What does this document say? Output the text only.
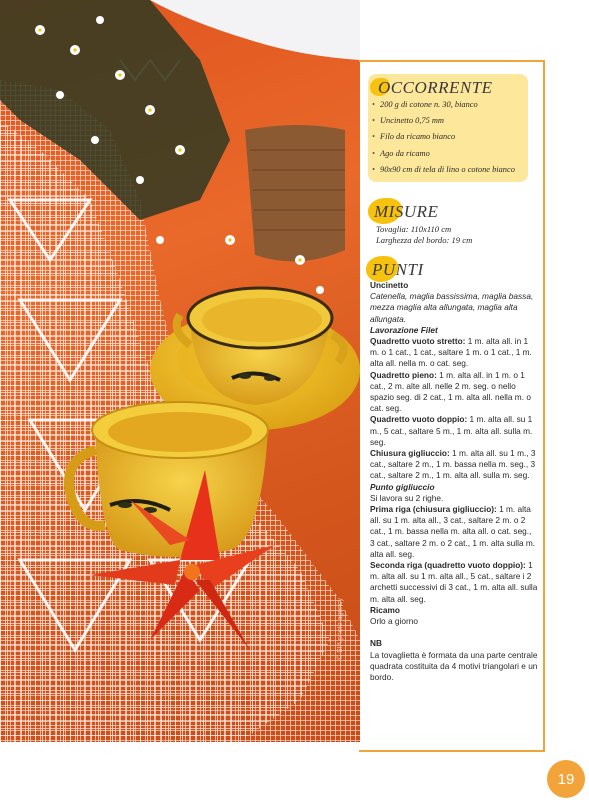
© SIA photo agency
OCCORRENTE
• 200 g di cotone n. 30, bianco
• Uncinetto 0,75 mm
• Filo da ricamo bianco
• Ago da ricamo
• 90x90 cm di tela di lino o cotone bianco
MISURE
Tovaglia: 110x110 cm
Larghezza del bordo: 19 cm
PUNTI

Uncinetto

Catenella, maglia bassissima, maglia bassa, mezza maglia alta allungata, maglia alta allungata.

Lavorazione Filet

Quadretto vuoto stretto: 1 m. alta all. in 1 m. o 1 cat., 1 cat., saltare 1 m. o 1 cat., 1 m. alta all. nella m. o cat. seg.

Quadretto pieno: 1 m. alta all. in 1 m. o 1 cat., 2 m. alte all. nelle 2 m. seg. o nello spazio seg. di 2 cat., 1 m. alta all. nella m. o cat. seg.

Quadretto vuoto doppio: 1 m. alta all. su 1 m., 5 cat., saltare 5 m., 1 m. alta all. sulla m. seg.

Chiusura gigliuccio: 1 m. alta all. su 1 m., 3 cat., saltare 2 m., 1 m. bassa nella m. seg., 3 cat., saltare 2 m., 1 m. alta all. sulla m. seg.

Punto gigliuccio

Si lavora su 2 righe.

Prima riga (chiusura gigliuccio): 1 m. alta all. su 1 m. alta all., 3 cat., saltare 2 m. o 2 cat., 1 m. bassa nella m. alta all. o cat. seg., 3 cat., saltare 2 m. o 2 cat., 1 m. alta sulla m. alta all. seg.

Seconda riga (quadretto vuoto doppio): 1 m. alta all. su 1 m. alta all., 5 cat., saltare i 2 archetti successivi di 3 cat., 1 m. alta all. sulla m. alta all. seg.

Ricamo

Orlo a giorno

NB

La tovaglietta è formata da una parte centrale quadrata costituita da 4 motivi triangolari e un bordo.

19
